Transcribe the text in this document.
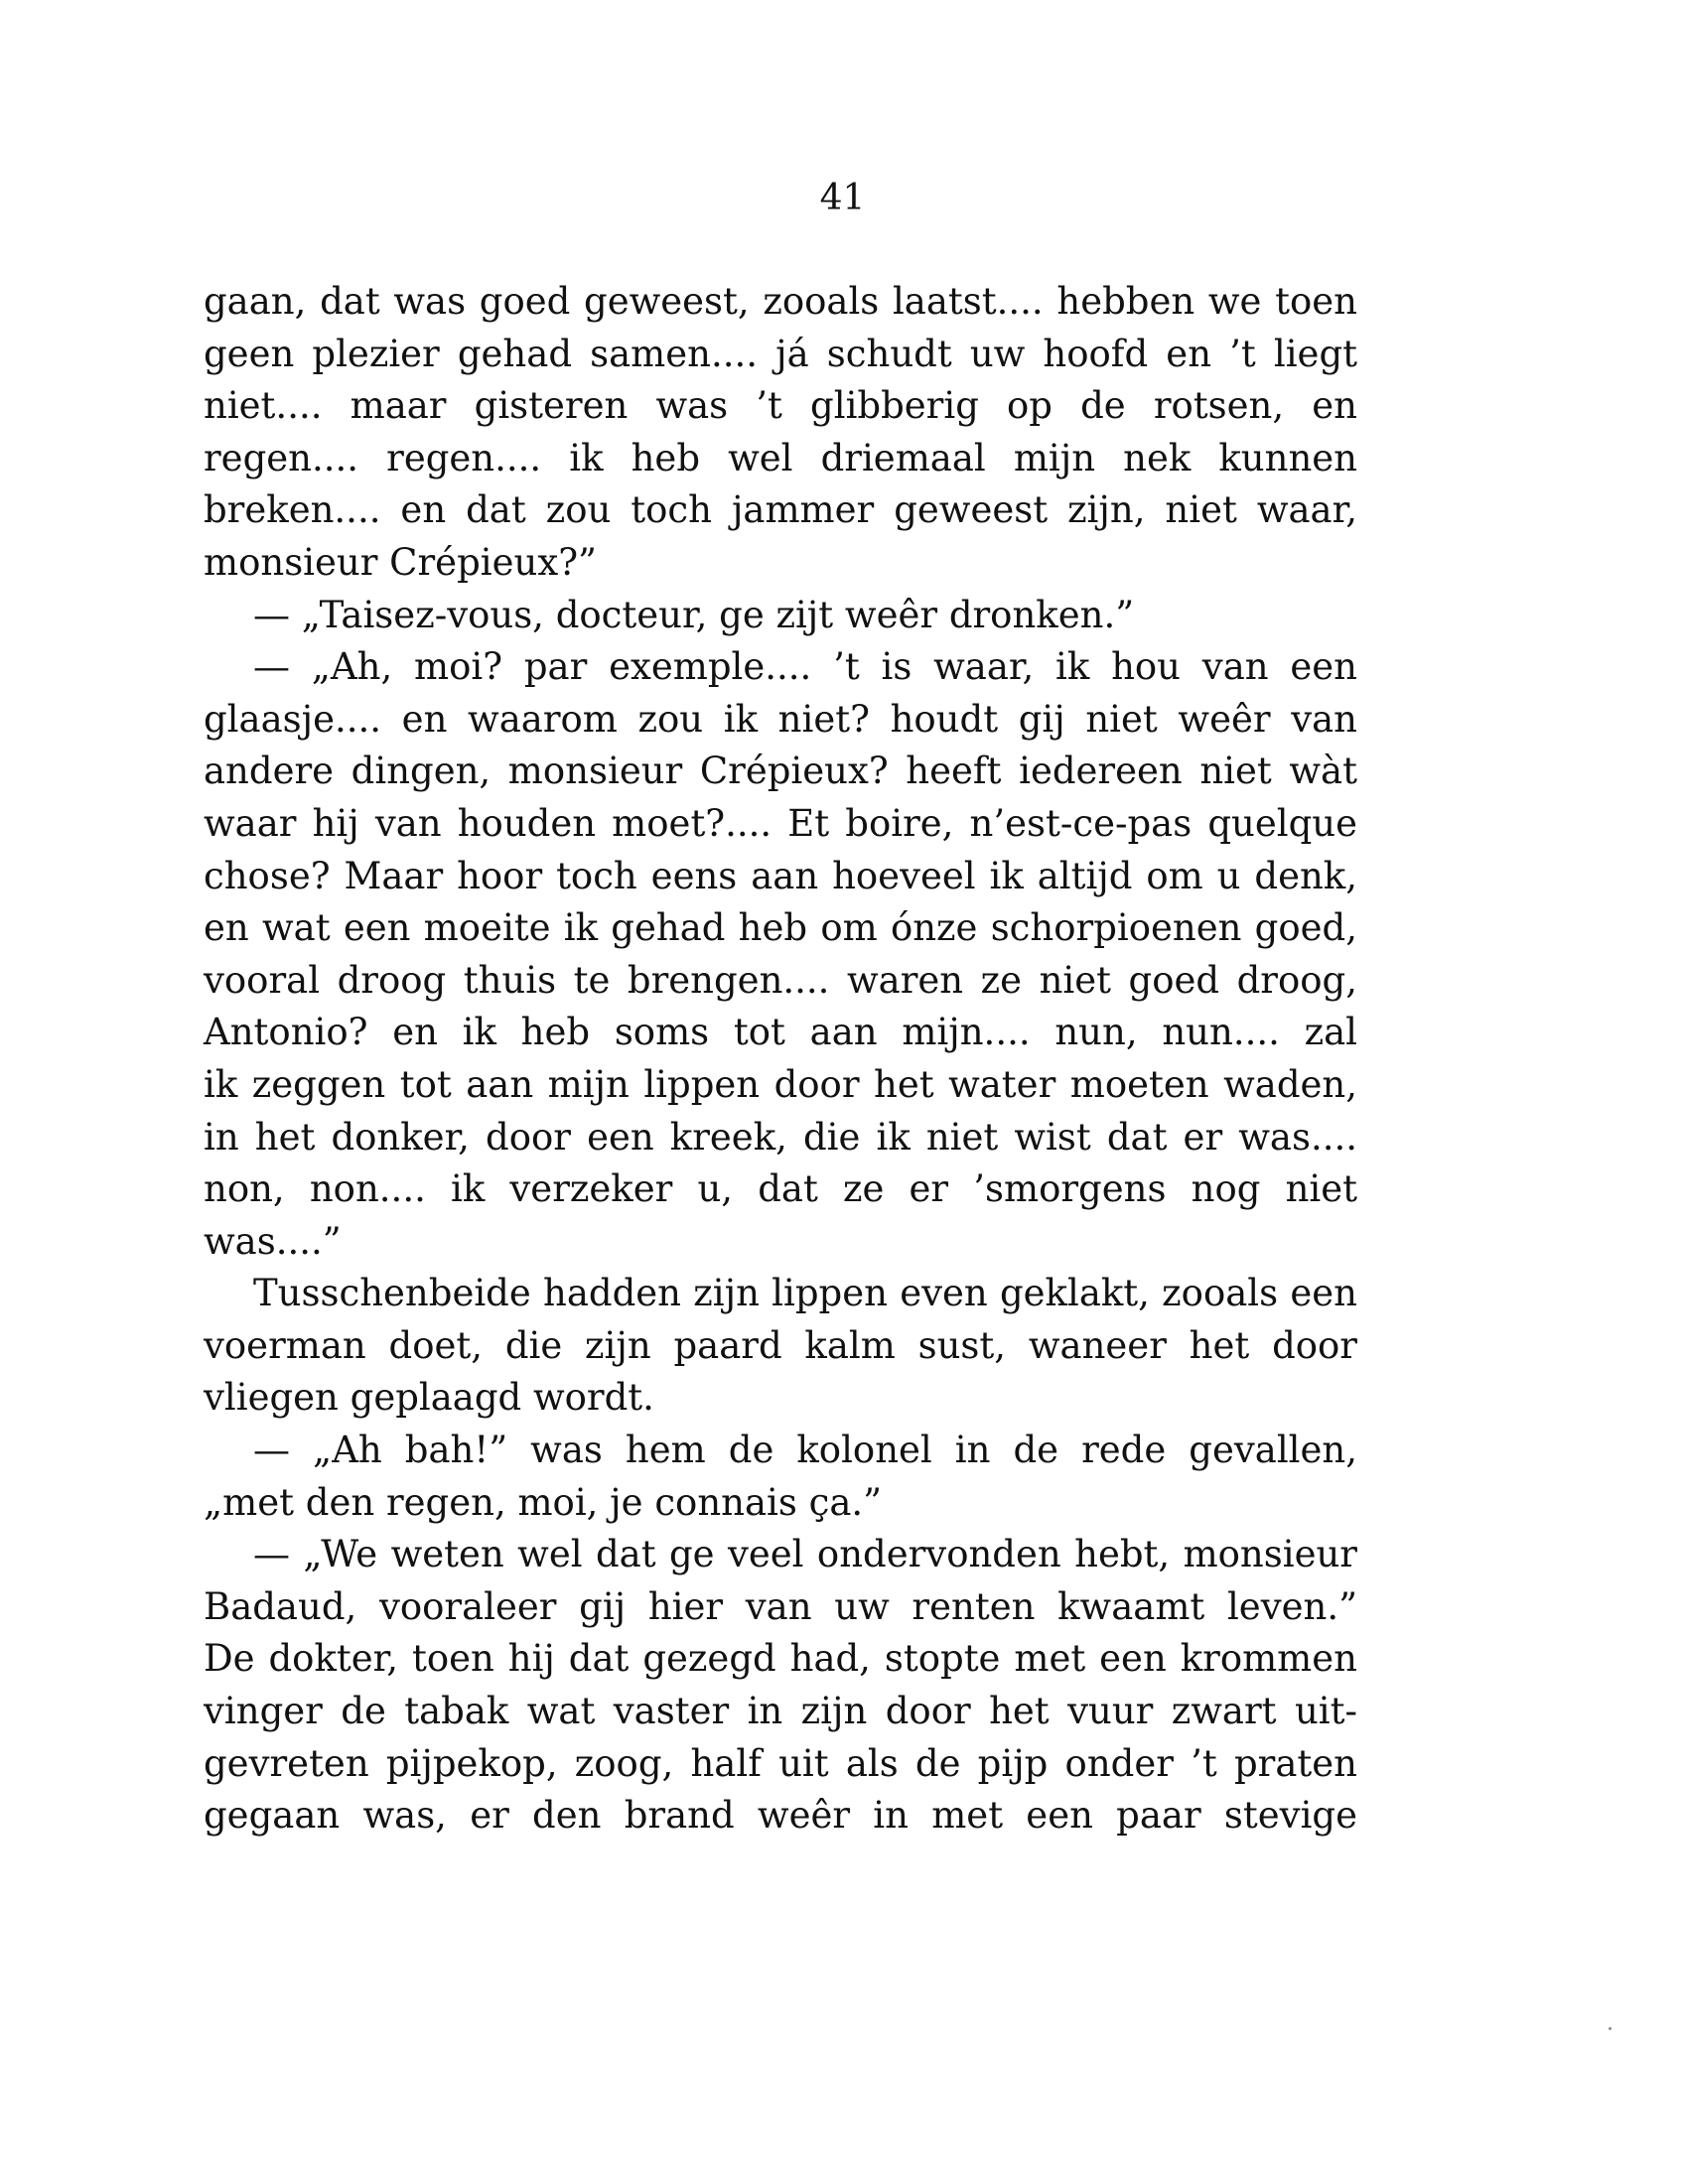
41
gaan, dat was goed geweest, zooals laatst.... hebben we toen
geen plezier gehad samen.... já schudt uw hoofd en ’t liegt
niet.... maar gisteren was ’t glibberig op de rotsen, en
regen.... regen.... ik heb wel driemaal mijn nek kunnen
breken.... en dat zou toch jammer geweest zijn, niet waar,
monsieur Crépieux?”
— „Taisez-vous, docteur, ge zijt weêr dronken.”
— „Ah, moi? par exemple.... ’t is waar, ik hou van een
glaasje.... en waarom zou ik niet? houdt gij niet weêr van
andere dingen, monsieur Crépieux? heeft iedereen niet wàt
waar hij van houden moet?.... Et boire, n’est-ce-pas quelque
chose? Maar hoor toch eens aan hoeveel ik altijd om u denk,
en wat een moeite ik gehad heb om ónze schorpioenen goed,
vooral droog thuis te brengen.... waren ze niet goed droog,
Antonio? en ik heb soms tot aan mijn.... nun, nun.... zal
ik zeggen tot aan mijn lippen door het water moeten waden,
in het donker, door een kreek, die ik niet wist dat er was....
non, non.... ik verzeker u, dat ze er ’smorgens nog niet
was....”
Tusschenbeide hadden zijn lippen even geklakt, zooals een
voerman doet, die zijn paard kalm sust, waneer het door
vliegen geplaagd wordt.
— „Ah bah!” was hem de kolonel in de rede gevallen,
„met den regen, moi, je connais ça.”
— „We weten wel dat ge veel ondervonden hebt, monsieur
Badaud, vooraleer gij hier van uw renten kwaamt leven.”
De dokter, toen hij dat gezegd had, stopte met een krommen
vinger de tabak wat vaster in zijn door het vuur zwart uit-
gevreten pijpekop, zoog, half uit als de pijp onder ’t praten
gegaan was, er den brand weêr in met een paar stevige
